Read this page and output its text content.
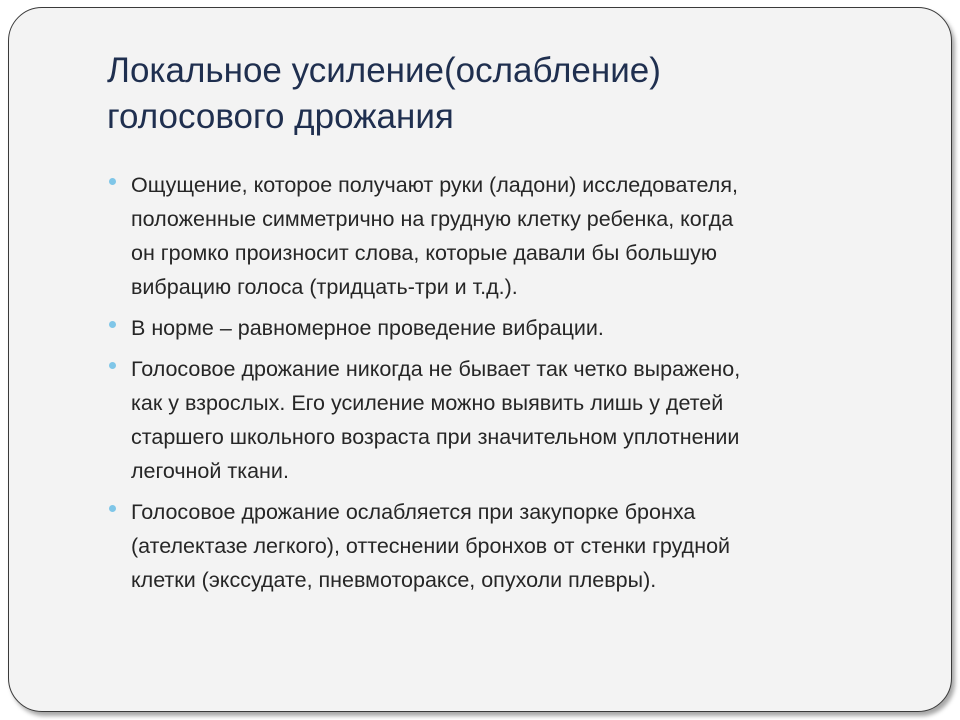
Локальное усиление(ослабление)
голосового дрожания
Ощущение, которое получают руки (ладони) исследователя,
положенные симметрично на грудную клетку ребенка, когда
он громко произносит слова, которые давали бы большую
вибрацию голоса (тридцать-три и т.д.).
В норме – равномерное проведение вибрации.
Голосовое дрожание никогда не бывает так четко выражено,
как у взрослых. Его усиление можно выявить лишь у детей
старшего школьного возраста при значительном уплотнении
легочной ткани.
Голосовое дрожание ослабляется при закупорке бронха
(ателектазе легкого), оттеснении бронхов от стенки грудной
клетки (экссудате, пневмотораксе, опухоли плевры).
